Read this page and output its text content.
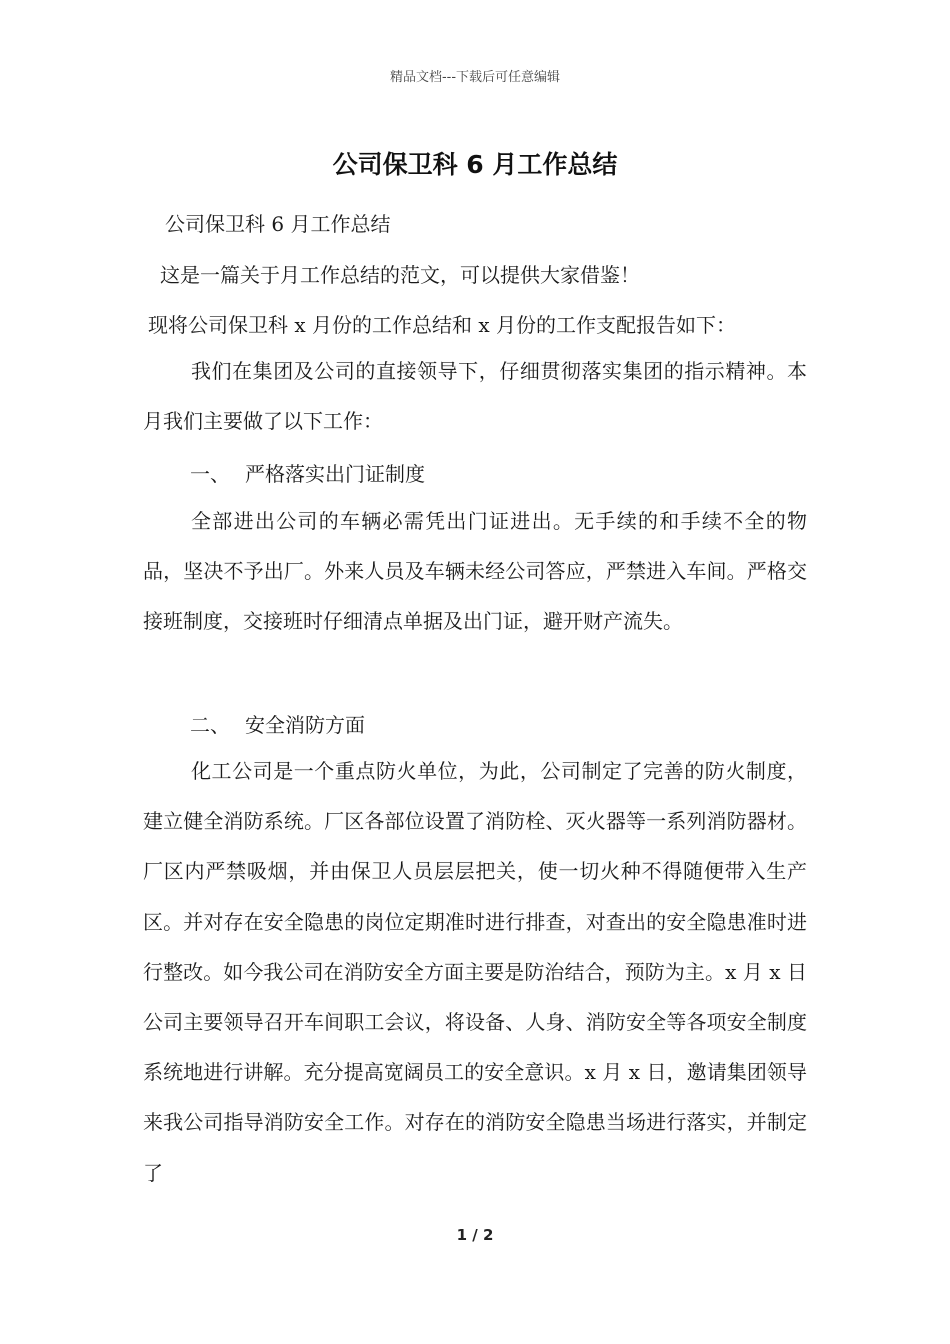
精品文档---下载后可任意编辑
公司保卫科 6 月工作总结
公司保卫科 6 月工作总结
这是一篇关于月工作总结的范文，可以提供大家借鉴！
现将公司保卫科 x 月份的工作总结和 x 月份的工作支配报告如下：
我们在集团及公司的直接领导下，仔细贯彻落实集团的指示精神。本月我们主要做了以下工作：
一、 严格落实出门证制度
全部进出公司的车辆必需凭出门证进出。无手续的和手续不全的物品，坚决不予出厂。外来人员及车辆未经公司答应，严禁进入车间。严格交接班制度，交接班时仔细清点单据及出门证，避开财产流失。
二、 安全消防方面
化工公司是一个重点防火单位，为此，公司制定了完善的防火制度，建立健全消防系统。厂区各部位设置了消防栓、灭火器等一系列消防器材。厂区内严禁吸烟，并由保卫人员层层把关，使一切火种不得随便带入生产区。并对存在安全隐患的岗位定期准时进行排查，对查出的安全隐患准时进行整改。如今我公司在消防安全方面主要是防治结合，预防为主。x 月 x 日公司主要领导召开车间职工会议，将设备、人身、消防安全等各项安全制度系统地进行讲解。充分提高宽阔员工的安全意识。x 月 x 日，邀请集团领导来我公司指导消防安全工作。对存在的消防安全隐患当场进行落实，并制定了
1 / 2
